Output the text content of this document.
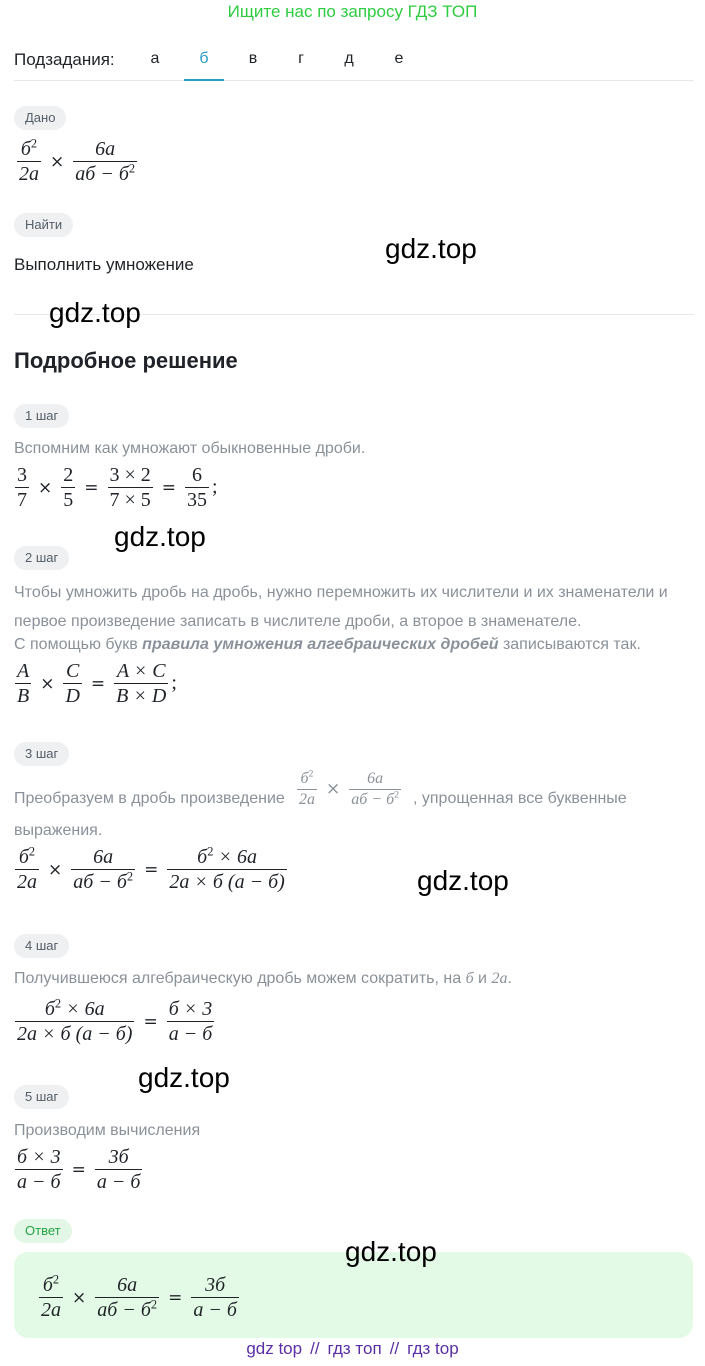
Ищите нас по запросу ГДЗ ТОП
Подзадания:	а	б	в	г	д	е
Дано
$б^2$
2a
×
6a
aб − $б^2$
Найти
Выполнить умножение
Подробное решение
1 шаг
Вспомним как умножают обыкновенные дроби.
$\frac{3}{7} \times \frac{2}{5} = \frac{3 \times 2}{7 \times 5} = \frac{6}{35}$ ;
2 шаг
Чтобы умножить дробь на дробь, нужно перемножить их числители и их знаменатели и первое произведение записать в числителе дроби, а второе в знаменателе.
С помощью букв правила умножения алгебраических дробей записываются так.
$\frac{A}{B} \times \frac{C}{D} = \frac{A \times C}{B \times D}$ ;
3 шаг
Преобразуем в дробь произведение
$б^2$
2a ×
6a
aб − $б^2$ , упрощенная все буквенные
выражения.
$б^2$
2a
×
6a
aб − $б^2$ =
$б^2 \times 6a$
2a × б (a − б)
4 шаг
Получившеюся алгебраическую дробь можем сократить, на б и 2a.
$б^2 \times 6a$
2a × б (a − б)
=
б × 3
a − б
5 шаг
Производим вычисления
б × 3
a − б
=
3б
a − б
Ответ
$б^2$
2a
×
6a
aб − $б^2$ =
3б
a − б
gdz.top
gdz.top
gdz.top
gdz.top
gdz.top
gdz.top
gdz top // гдз топ // гдз top
